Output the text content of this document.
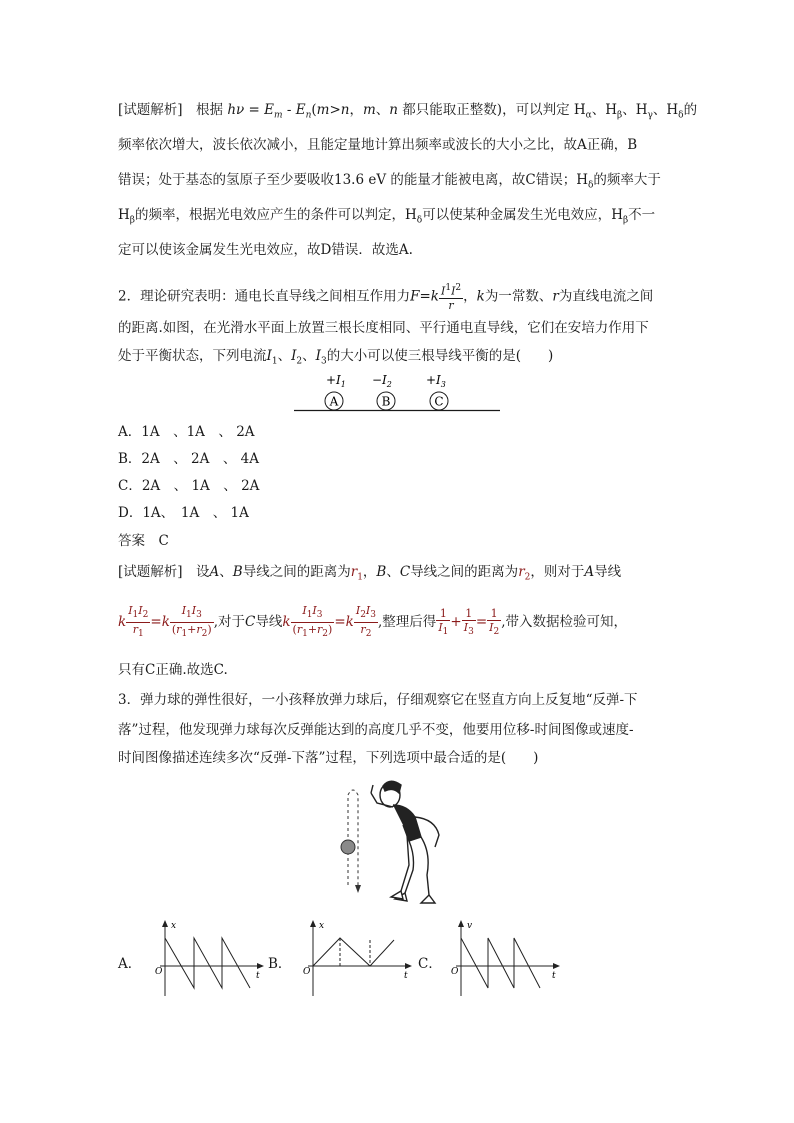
[试题解析]　根据 $h\nu = E_m - E_n(m>n$，m、n 都只能取正整数)，可以判定 $H_\alpha$、$H_\beta$、$H_\gamma$、$H_\delta$的
频率依次增大，波长依次减小，且能定量地计算出频率或波长的大小之比，故A正确，B
错误；处于基态的氢原子至少要吸收13.6 eV 的能量才能被电离，故C错误；$H_\delta$的频率大于
$H_\beta$的频率，根据光电效应产生的条件可以判定，$H_\delta$可以使某种金属发生光电效应，$H_\beta$不一
定可以使该金属发生光电效应，故D错误．故选A.
2．理论研究表明：通电长直导线之间相互作用力$F=k \frac{I^1I^2}{r}$ ，k为一常数、r为直线电流之间
的距离.如图，在光滑水平面上放置三根长度相同、平行通电直导线，它们在安培力作用下
处于平衡状态，下列电流$I_1$、$I_2$、$I_3$的大小可以使三根导线平衡的是(　　)
$+I_1 -I_2$	$+I_3$
A	B	C
A．1A　、1A　、 2A
B．2A　、 2A　、 4A
C．2A　、 1A　、 2A
D．1A、　1A　、 1A
答案　C
[试题解析]　设A、B导线之间的距离为$r_1$，B、C导线之间的距离为$r_2$，则对于A导线
k $\frac{I_1I_2}{r_1} =k \frac{I_1I_3}{(r_1+r_2)}$ ,对于C导线k $\frac{I_1I_3}{(r_1+r_2)} =k \frac{I_2I_3}{r_2}$ ,整理后得 $\frac{1}{I_1} + \frac{1}{I_3} = \frac{1}{I_2}$ ,带入数据检验可知，
只有C正确.故选C.
3．弹力球的弹性很好，一小孩释放弹力球后，仔细观察它在竖直方向上反复地“反弹-下
落”过程，他发现弹力球每次反弹能达到的高度几乎不变，他要用位移-时间图像或速度-
时间图像描述连续多次“反弹-下落”过程，下列选项中最合适的是(　　)
A．
x
O	t
B．
x
O	t
C．
v
O	t
